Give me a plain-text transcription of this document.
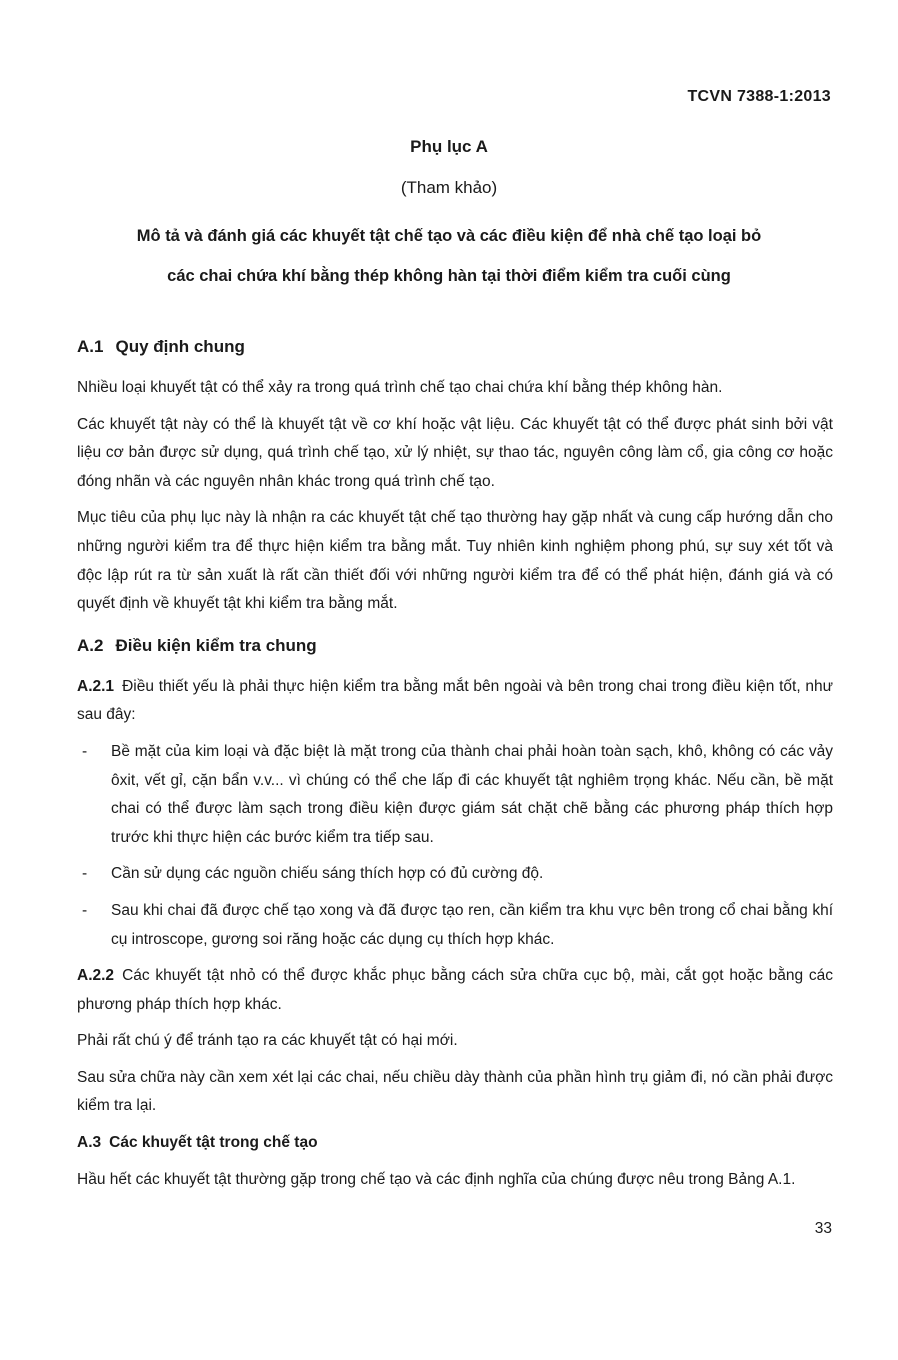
TCVN 7388-1:2013
Phụ lục A
(Tham khảo)
Mô tả và đánh giá các khuyết tật chế tạo và các điều kiện để nhà chế tạo loại bỏ
các chai chứa khí bằng thép không hàn tại thời điểm kiểm tra cuối cùng

A.1 Quy định chung

Nhiều loại khuyết tật có thể xảy ra trong quá trình chế tạo chai chứa khí bằng thép không hàn.

Các khuyết tật này có thể là khuyết tật về cơ khí hoặc vật liệu. Các khuyết tật có thể được phát sinh bởi vật liệu cơ bản được sử dụng, quá trình chế tạo, xử lý nhiệt, sự thao tác, nguyên công làm cổ, gia công cơ hoặc đóng nhãn và các nguyên nhân khác trong quá trình chế tạo.

Mục tiêu của phụ lục này là nhận ra các khuyết tật chế tạo thường hay gặp nhất và cung cấp hướng dẫn cho những người kiểm tra để thực hiện kiểm tra bằng mắt. Tuy nhiên kinh nghiệm phong phú, sự suy xét tốt và độc lập rút ra từ sản xuất là rất cần thiết đối với những người kiểm tra để có thể phát hiện, đánh giá và có quyết định về khuyết tật khi kiểm tra bằng mắt.

A.2 Điều kiện kiểm tra chung

A.2.1 Điều thiết yếu là phải thực hiện kiểm tra bằng mắt bên ngoài và bên trong chai trong điều kiện tốt, như sau đây:

- Bề mặt của kim loại và đặc biệt là mặt trong của thành chai phải hoàn toàn sạch, khô, không có các vảy ôxit, vết gỉ, cặn bẩn v.v... vì chúng có thể che lấp đi các khuyết tật nghiêm trọng khác. Nếu cần, bề mặt chai có thể được làm sạch trong điều kiện được giám sát chặt chẽ bằng các phương pháp thích hợp trước khi thực hiện các bước kiểm tra tiếp sau.
- Cần sử dụng các nguồn chiếu sáng thích hợp có đủ cường độ.
- Sau khi chai đã được chế tạo xong và đã được tạo ren, cần kiểm tra khu vực bên trong cổ chai bằng khí cụ introscope, gương soi răng hoặc các dụng cụ thích hợp khác.

A.2.2 Các khuyết tật nhỏ có thể được khắc phục bằng cách sửa chữa cục bộ, mài, cắt gọt hoặc bằng các phương pháp thích hợp khác.

Phải rất chú ý để tránh tạo ra các khuyết tật có hại mới.

Sau sửa chữa này cần xem xét lại các chai, nếu chiều dày thành của phần hình trụ giảm đi, nó cần phải được kiểm tra lại.

A.3 Các khuyết tật trong chế tạo

Hầu hết các khuyết tật thường gặp trong chế tạo và các định nghĩa của chúng được nêu trong Bảng A.1.

33
